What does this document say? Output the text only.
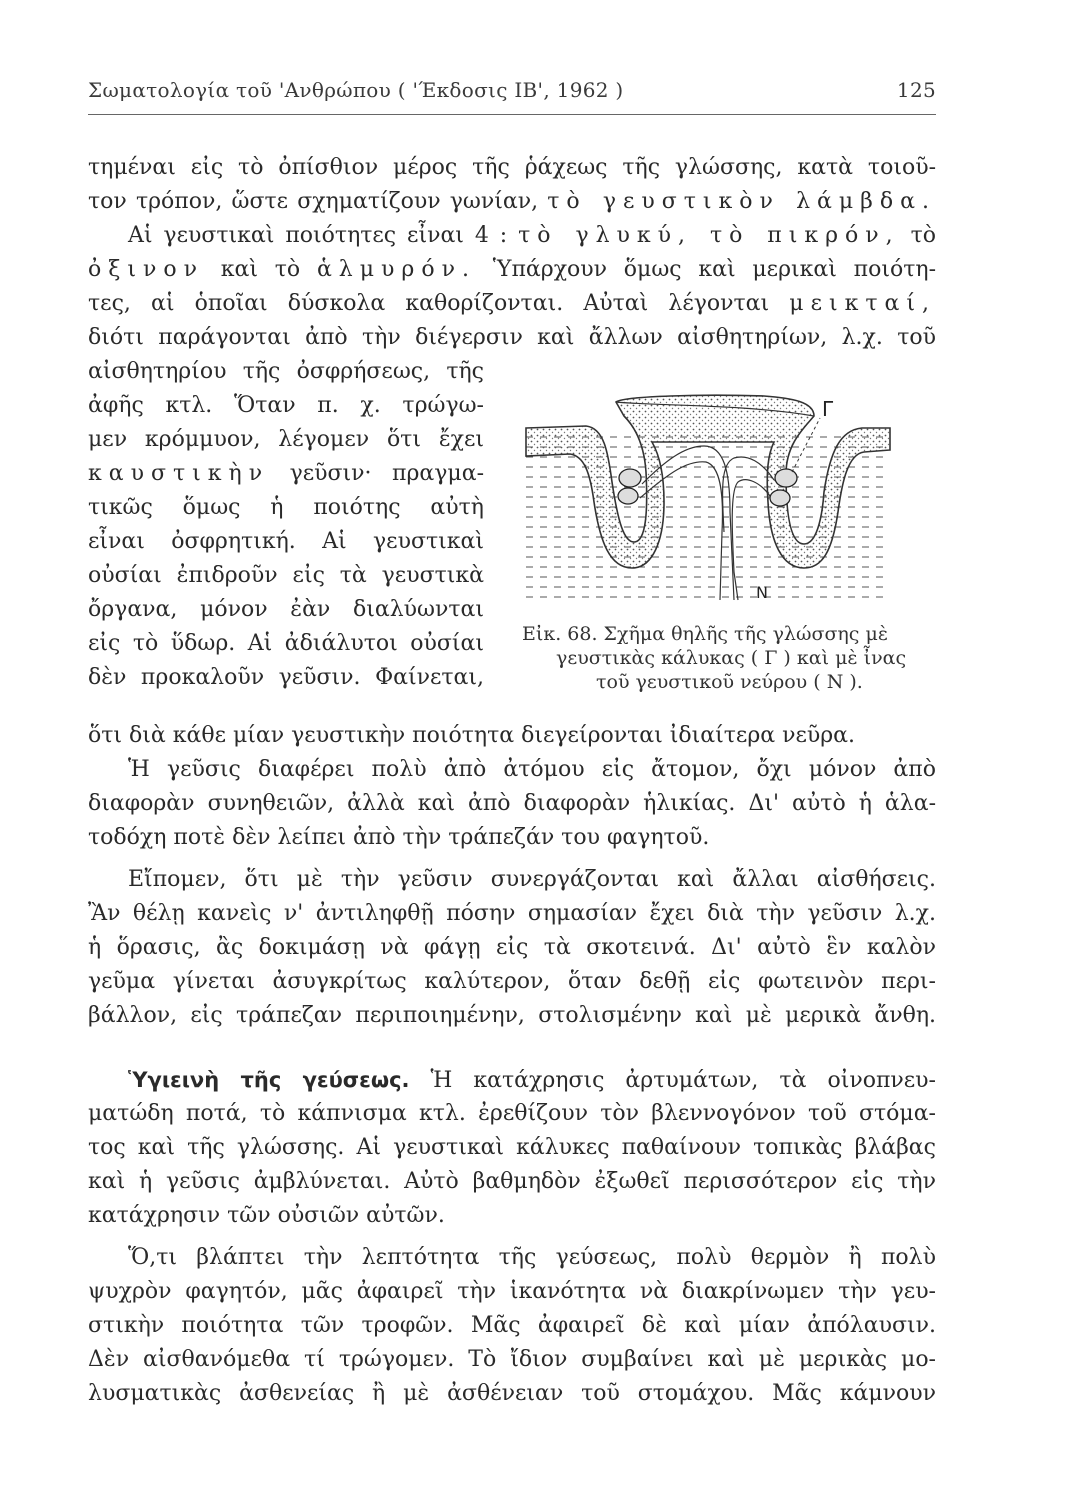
Σωματολογία τοῦ 'Ανθρώπου ( 'Έκδοσις ΙΒ', 1962 )	125
τημέναι εἰς τὸ ὀπίσθιον μέρος τῆς ῥάχεως τῆς γλώσσης, κατὰ τοιοῦ-
τον τρόπον, ὥστε σχηματίζουν γωνίαν, τὸ γευστικὸν λάμβδα.
Αἱ γευστικαὶ ποιότητες εἶναι 4 : τὸ γλυκύ, τὸ πικρόν, τὸ
ὀξινον καὶ τὸ ἁλμυρόν. Ὑπάρχουν ὅμως καὶ μερικαὶ ποιότη-
τες, αἱ ὁποῖαι δύσκολα καθορίζονται. Αὐταὶ λέγονται μεικταί,
διότι παράγονται ἀπὸ τὴν διέγερσιν καὶ ἄλλων αἰσθητηρίων, λ.χ. τοῦ
αἰσθητηρίου τῆς ὀσφρήσεως, τῆς
ἀφῆς κτλ. Ὅταν π. χ. τρώγω-
μεν κρόμμυον, λέγομεν ὅτι ἔχει
καυστικὴν γεῦσιν· πραγμα-
τικῶς ὅμως ἡ ποιότης αὐτὴ
εἶναι ὀσφρητική. Αἱ γευστικαὶ
οὐσίαι ἐπιδροῦν εἰς τὰ γευστικὰ
ὄργανα, μόνον ἐὰν διαλύωνται
εἰς τὸ ὕδωρ. Αἱ ἀδιάλυτοι οὐσίαι
δὲν προκαλοῦν γεῦσιν. Φαίνεται,
ὅτι διὰ κάθε μίαν γευστικὴν ποιότητα διεγείρονται ἰδιαίτερα νεῦρα.
Γ
Ν
Εἰκ. 68. Σχῆμα θηλῆς τῆς γλώσσης μὲ
γευστικὰς κάλυκας ( Γ ) καὶ μὲ ἶνας
τοῦ γευστικοῦ νεύρου ( Ν ).
Ἡ γεῦσις διαφέρει πολὺ ἀπὸ ἀτόμου εἰς ἄτομον, ὄχι μόνον ἀπὸ
διαφορὰν συνηθειῶν, ἀλλὰ καὶ ἀπὸ διαφορὰν ἡλικίας. Δι' αὐτὸ ἡ ἁλα-
τοδόχη ποτὲ δὲν λείπει ἀπὸ τὴν τράπεζάν του φαγητοῦ.
Εἴπομεν, ὅτι μὲ τὴν γεῦσιν συνεργάζονται καὶ ἄλλαι αἰσθήσεις.
Ἂν θέλῃ κανεὶς ν' ἀντιληφθῇ πόσην σημασίαν ἔχει διὰ τὴν γεῦσιν λ.χ.
ἡ ὅρασις, ἂς δοκιμάσῃ νὰ φάγῃ εἰς τὰ σκοτεινά. Δι' αὐτὸ ἓν καλὸν
γεῦμα γίνεται ἀσυγκρίτως καλύτερον, ὅταν δεθῇ εἰς φωτεινὸν περι-
βάλλον, εἰς τράπεζαν περιποιημένην, στολισμένην καὶ μὲ μερικὰ ἄνθη.
Ὑγιεινὴ τῆς γεύσεως. Ἡ κατάχρησις ἀρτυμάτων, τὰ οἰνοπνευ-
ματώδη ποτά, τὸ κάπνισμα κτλ. ἐρεθίζουν τὸν βλεννογόνον τοῦ στόμα-
τος καὶ τῆς γλώσσης. Αἱ γευστικαὶ κάλυκες παθαίνουν τοπικὰς βλάβας
καὶ ἡ γεῦσις ἀμβλύνεται. Αὐτὸ βαθμηδὸν ἐξωθεῖ περισσότερον εἰς τὴν
κατάχρησιν τῶν οὐσιῶν αὐτῶν.
Ὅ,τι βλάπτει τὴν λεπτότητα τῆς γεύσεως, πολὺ θερμὸν ἢ πολὺ
ψυχρὸν φαγητόν, μᾶς ἀφαιρεῖ τὴν ἱκανότητα νὰ διακρίνωμεν τὴν γευ-
στικὴν ποιότητα τῶν τροφῶν. Μᾶς ἀφαιρεῖ δὲ καὶ μίαν ἀπόλαυσιν.
Δὲν αἰσθανόμεθα τί τρώγομεν. Τὸ ἴδιον συμβαίνει καὶ μὲ μερικὰς μο-
λυσματικὰς ἀσθενείας ἢ μὲ ἀσθένειαν τοῦ στομάχου. Μᾶς κάμνουν
